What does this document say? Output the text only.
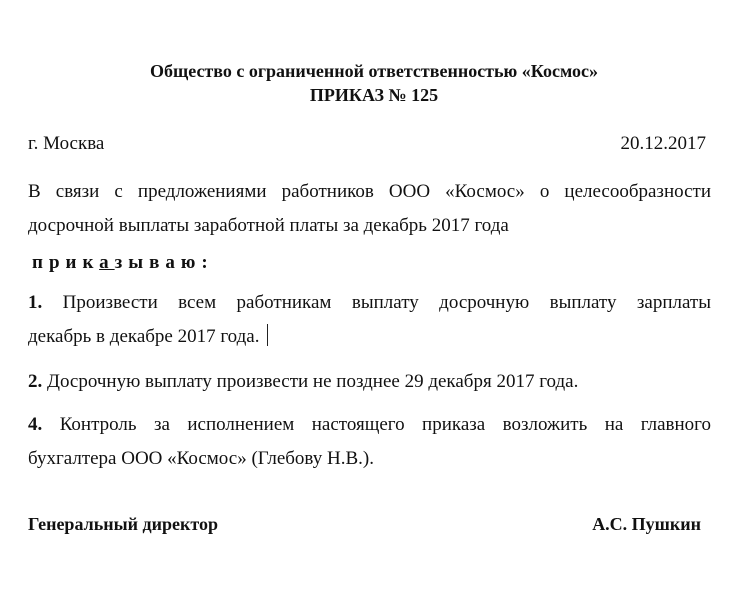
Общество с ограниченной ответственностью «Космос»
ПРИКАЗ № 125
г. Москва	20.12.2017
В связи с предложениями работников ООО «Космос» о целесообразности
досрочной выплаты заработной платы за декабрь 2017 года
приказываю:
1. Произвести всем работникам выплату досрочную выплату зарплаты
декабрь в декабре 2017 года.
2. Досрочную выплату произвести не позднее 29 декабря 2017 года.
4. Контроль за исполнением настоящего приказа возложить на главного
бухгалтера ООО «Космос» (Глебову Н.В.).
Генеральный директор	А.С. Пушкин
